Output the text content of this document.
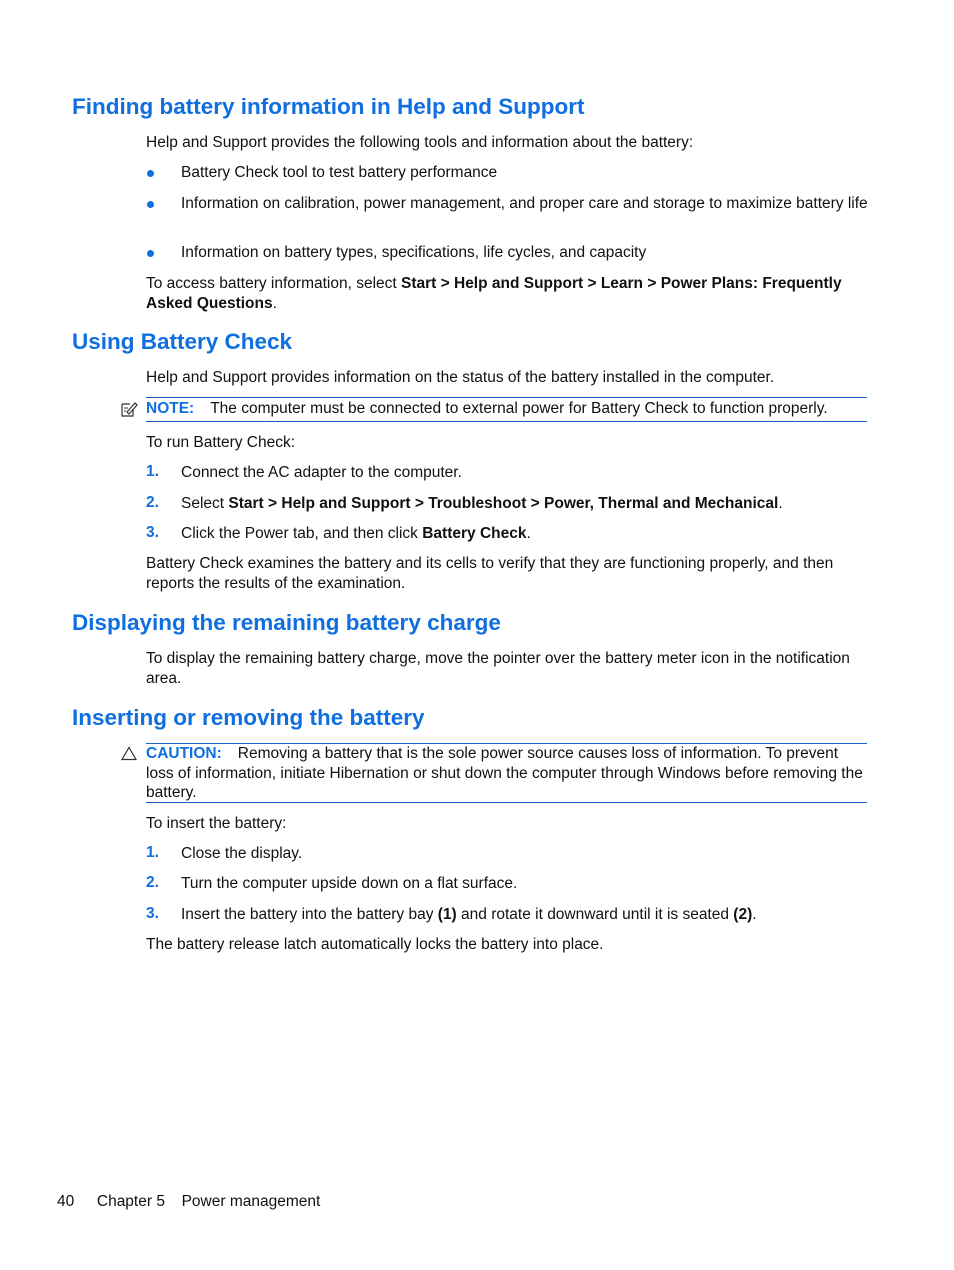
Finding battery information in Help and Support

Help and Support provides the following tools and information about the battery:

Battery Check tool to test battery performance
Information on calibration, power management, and proper care and storage to maximize battery life
Information on battery types, specifications, life cycles, and capacity

To access battery information, select Start > Help and Support > Learn > Power Plans: Frequently Asked Questions.

Using Battery Check

Help and Support provides information on the status of the battery installed in the computer.

NOTE: The computer must be connected to external power for Battery Check to function properly.

To run Battery Check:

1. Connect the AC adapter to the computer.
2. Select Start > Help and Support > Troubleshoot > Power, Thermal and Mechanical.
3. Click the Power tab, and then click Battery Check.

Battery Check examines the battery and its cells to verify that they are functioning properly, and then reports the results of the examination.

Displaying the remaining battery charge

To display the remaining battery charge, move the pointer over the battery meter icon in the notification area.

Inserting or removing the battery

CAUTION: Removing a battery that is the sole power source causes loss of information. To prevent loss of information, initiate Hibernation or shut down the computer through Windows before removing the battery.

To insert the battery:

1. Close the display.
2. Turn the computer upside down on a flat surface.
3. Insert the battery into the battery bay (1) and rotate it downward until it is seated (2).

The battery release latch automatically locks the battery into place.

40 Chapter 5 Power management
